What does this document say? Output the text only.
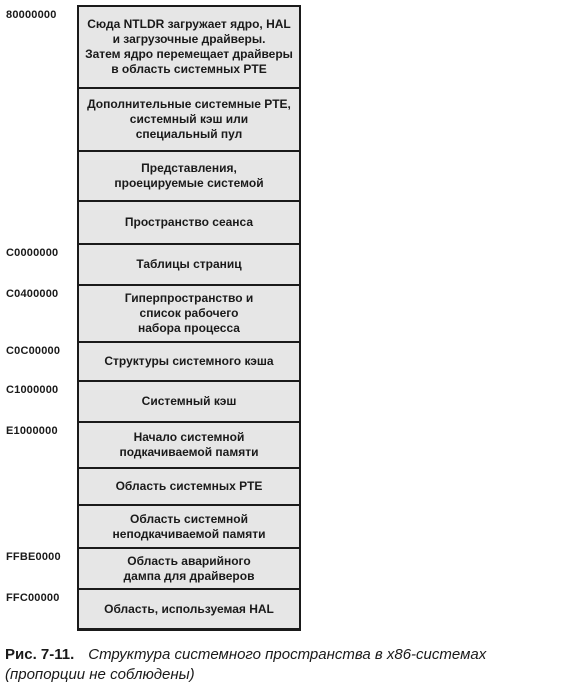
Сюда NTLDR загружает ядро, HAL
и загрузочные драйверы.
Затем ядро перемещает драйверы
в область системных PTE
Дополнительные системные PTE,
системный кэш или
специальный пул
Представления,
проецируемые системой
Пространство сеанса
Таблицы страниц
Гиперпространство и
список рабочего
набора процесса
Структуры системного кэша
Системный кэш
Начало системной
подкачиваемой памяти
Область системных PTE
Область системной
неподкачиваемой памяти
Область аварийного
дампа для драйверов
Область, используемая HAL
80000000
C0000000
C0400000
C0C00000
C1000000
E1000000
FFBE0000
FFC00000
Рис. 7-11. Структура системного пространства в x86-системах (пропорции не соблюдены)
